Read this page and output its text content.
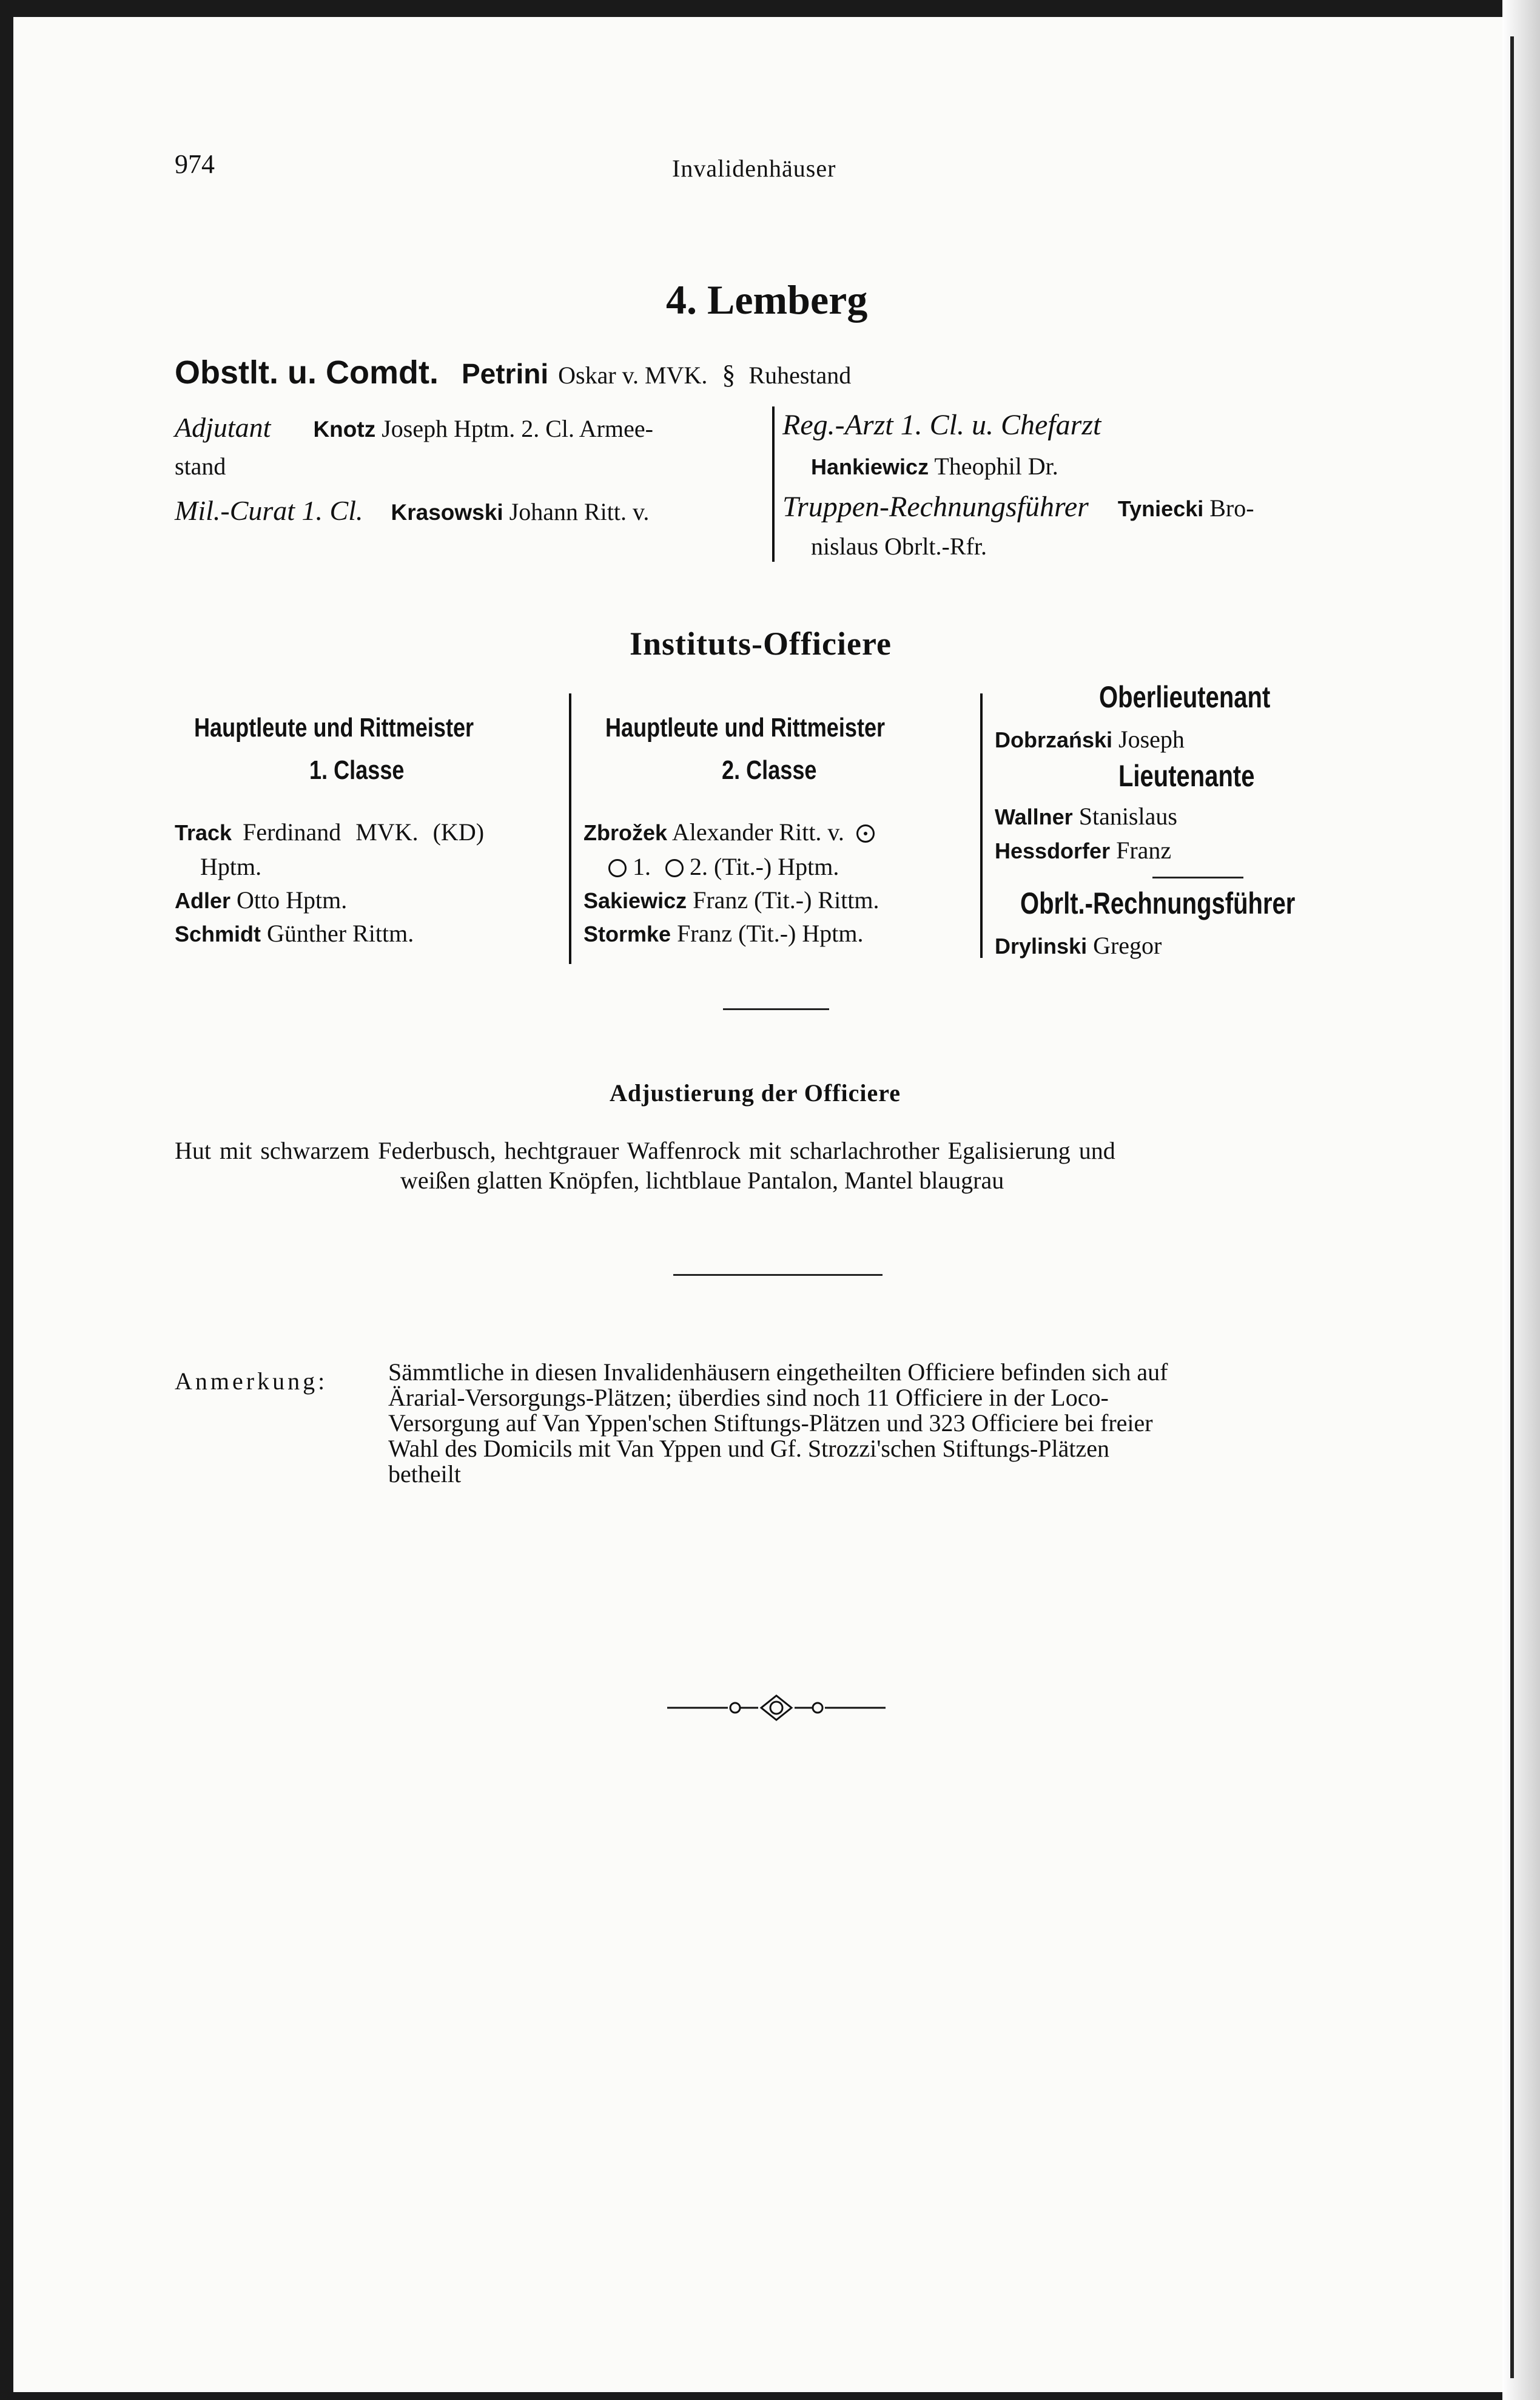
974	Invalidenhäuser
4. Lemberg
Obstlt. u. Comdt. Petrini Oskar v. MVK. § Ruhestand
Adjutant Knotz Joseph Hptm. 2. Cl. Armee-
stand
Mil.-Curat 1. Cl. Krasowski Johann Ritt. v.
Reg.-Arzt 1. Cl. u. Chefarzt
Hankiewicz Theophil Dr.
Truppen-Rechnungsführer Tyniecki Bro-
nislaus Obrlt.-Rfr.
Instituts-Officiere
Hauptleute und Rittmeister
1. Classe
Track Ferdinand MVK. (KD)
Hptm.
Adler Otto Hptm.
Schmidt Günther Rittm.
Hauptleute und Rittmeister
2. Classe
Zbrožek Alexander Ritt. v.
1. 2. (Tit.-) Hptm.
Sakiewicz Franz (Tit.-) Rittm.
Stormke Franz (Tit.-) Hptm.
Oberlieutenant
Dobrzański Joseph
Lieutenante
Wallner Stanislaus
Hessdorfer Franz
Obrlt.-Rechnungsführer
Drylinski Gregor
Adjustierung der Officiere
Hut mit schwarzem Federbusch, hechtgrauer Waffenrock mit scharlachrother Egalisierung und
weißen glatten Knöpfen, lichtblaue Pantalon, Mantel blaugrau
Anmerkung: Sämmtliche in diesen Invalidenhäusern eingetheilten Officiere befinden sich auf
Ärarial-Versorgungs-Plätzen; überdies sind noch 11 Officiere in der Loco-
Versorgung auf Van Yppen'schen Stiftungs-Plätzen und 323 Officiere bei freier
Wahl des Domicils mit Van Yppen und Gf. Strozzi'schen Stiftungs-Plätzen
betheilt
